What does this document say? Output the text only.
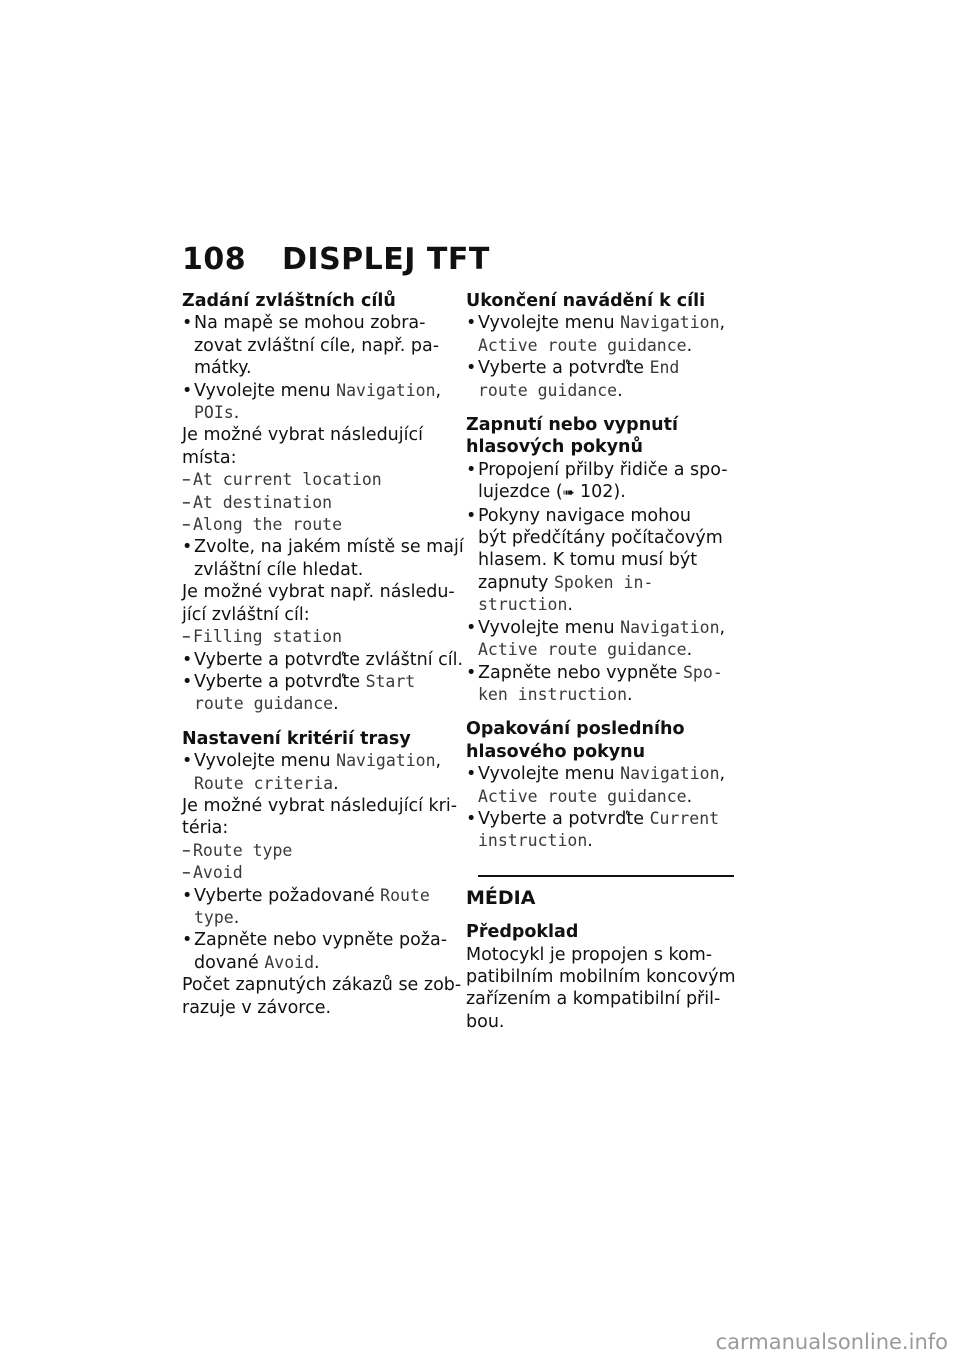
108 DISPLEJ TFT

Zadání zvláštních cílů

• Na mapě se mohou zobra-
zovat zvláštní cíle, např. pa-
mátky.

• Vyvolejte menu Navigation,
POIs.

Je možné vybrat následující
místa:

– At current location

– At destination

– Along the route

• Zvolte, na jakém místě se mají
zvláštní cíle hledat.

Je možné vybrat např. následu-
jící zvláštní cíl:

– Filling station

• Vyberte a potvrďte zvláštní cíl.

• Vyberte a potvrďte Start
route guidance.

Nastavení kritérií trasy

• Vyvolejte menu Navigation,
Route criteria.

Je možné vybrat následující kri-
téria:

– Route type

– Avoid

• Vyberte požadované Route
type.

• Zapněte nebo vypněte poža-
dované Avoid.

Počet zapnutých zákazů se zob-
razuje v závorce.

Ukončení navádění k cíli

• Vyvolejte menu Navigation,
Active route guidance.

• Vyberte a potvrďte End
route guidance.

Zapnutí nebo vypnutí
hlasových pokynů

• Propojení přilby řidiče a spo-
lujezdce (➠ 102).

• Pokyny navigace mohou
být předčítány počítačovým
hlasem. K tomu musí být
zapnuty Spoken in-
struction.

• Vyvolejte menu Navigation,
Active route guidance.

• Zapněte nebo vypněte Spo-
ken instruction.

Opakování posledního
hlasového pokynu

• Vyvolejte menu Navigation,
Active route guidance.

• Vyberte a potvrďte Current
instruction.

MÉDIA

Předpoklad

Motocykl je propojen s kom-
patibilním mobilním koncovým
zařízením a kompatibilní přil-
bou.

carmanualsonline.info
